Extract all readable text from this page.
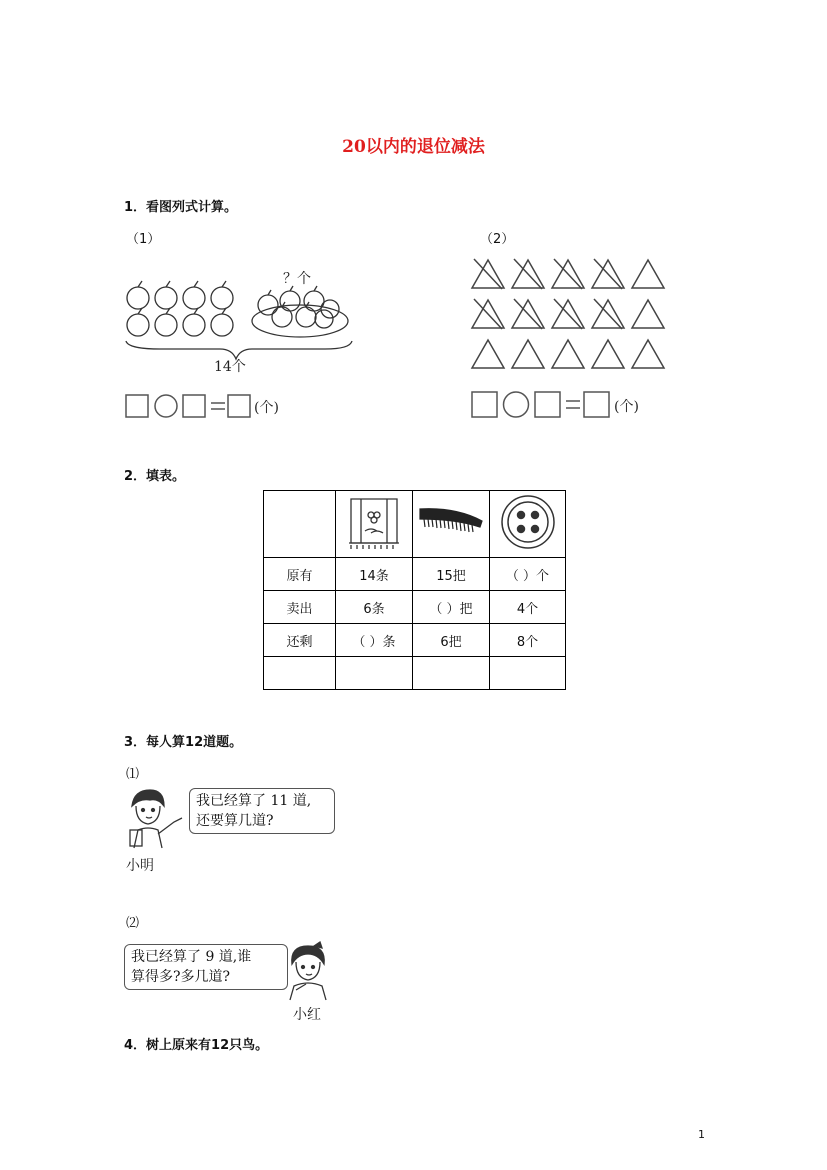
20以内的退位减法
1．看图列式计算。
（1）	（2）
？个
14个
(个)	(个)
2．填表。

原有	14条	15把	（ ）个
卖出	6条	（ ）把	4个
还剩	（ ）条	6把	8个

3．每人算12道题。
⑴
我已经算了 11 道,
还要算几道?
小明
⑵
我已经算了 9 道,谁
算得多?多几道?
小红
4．树上原来有12只鸟。
1
